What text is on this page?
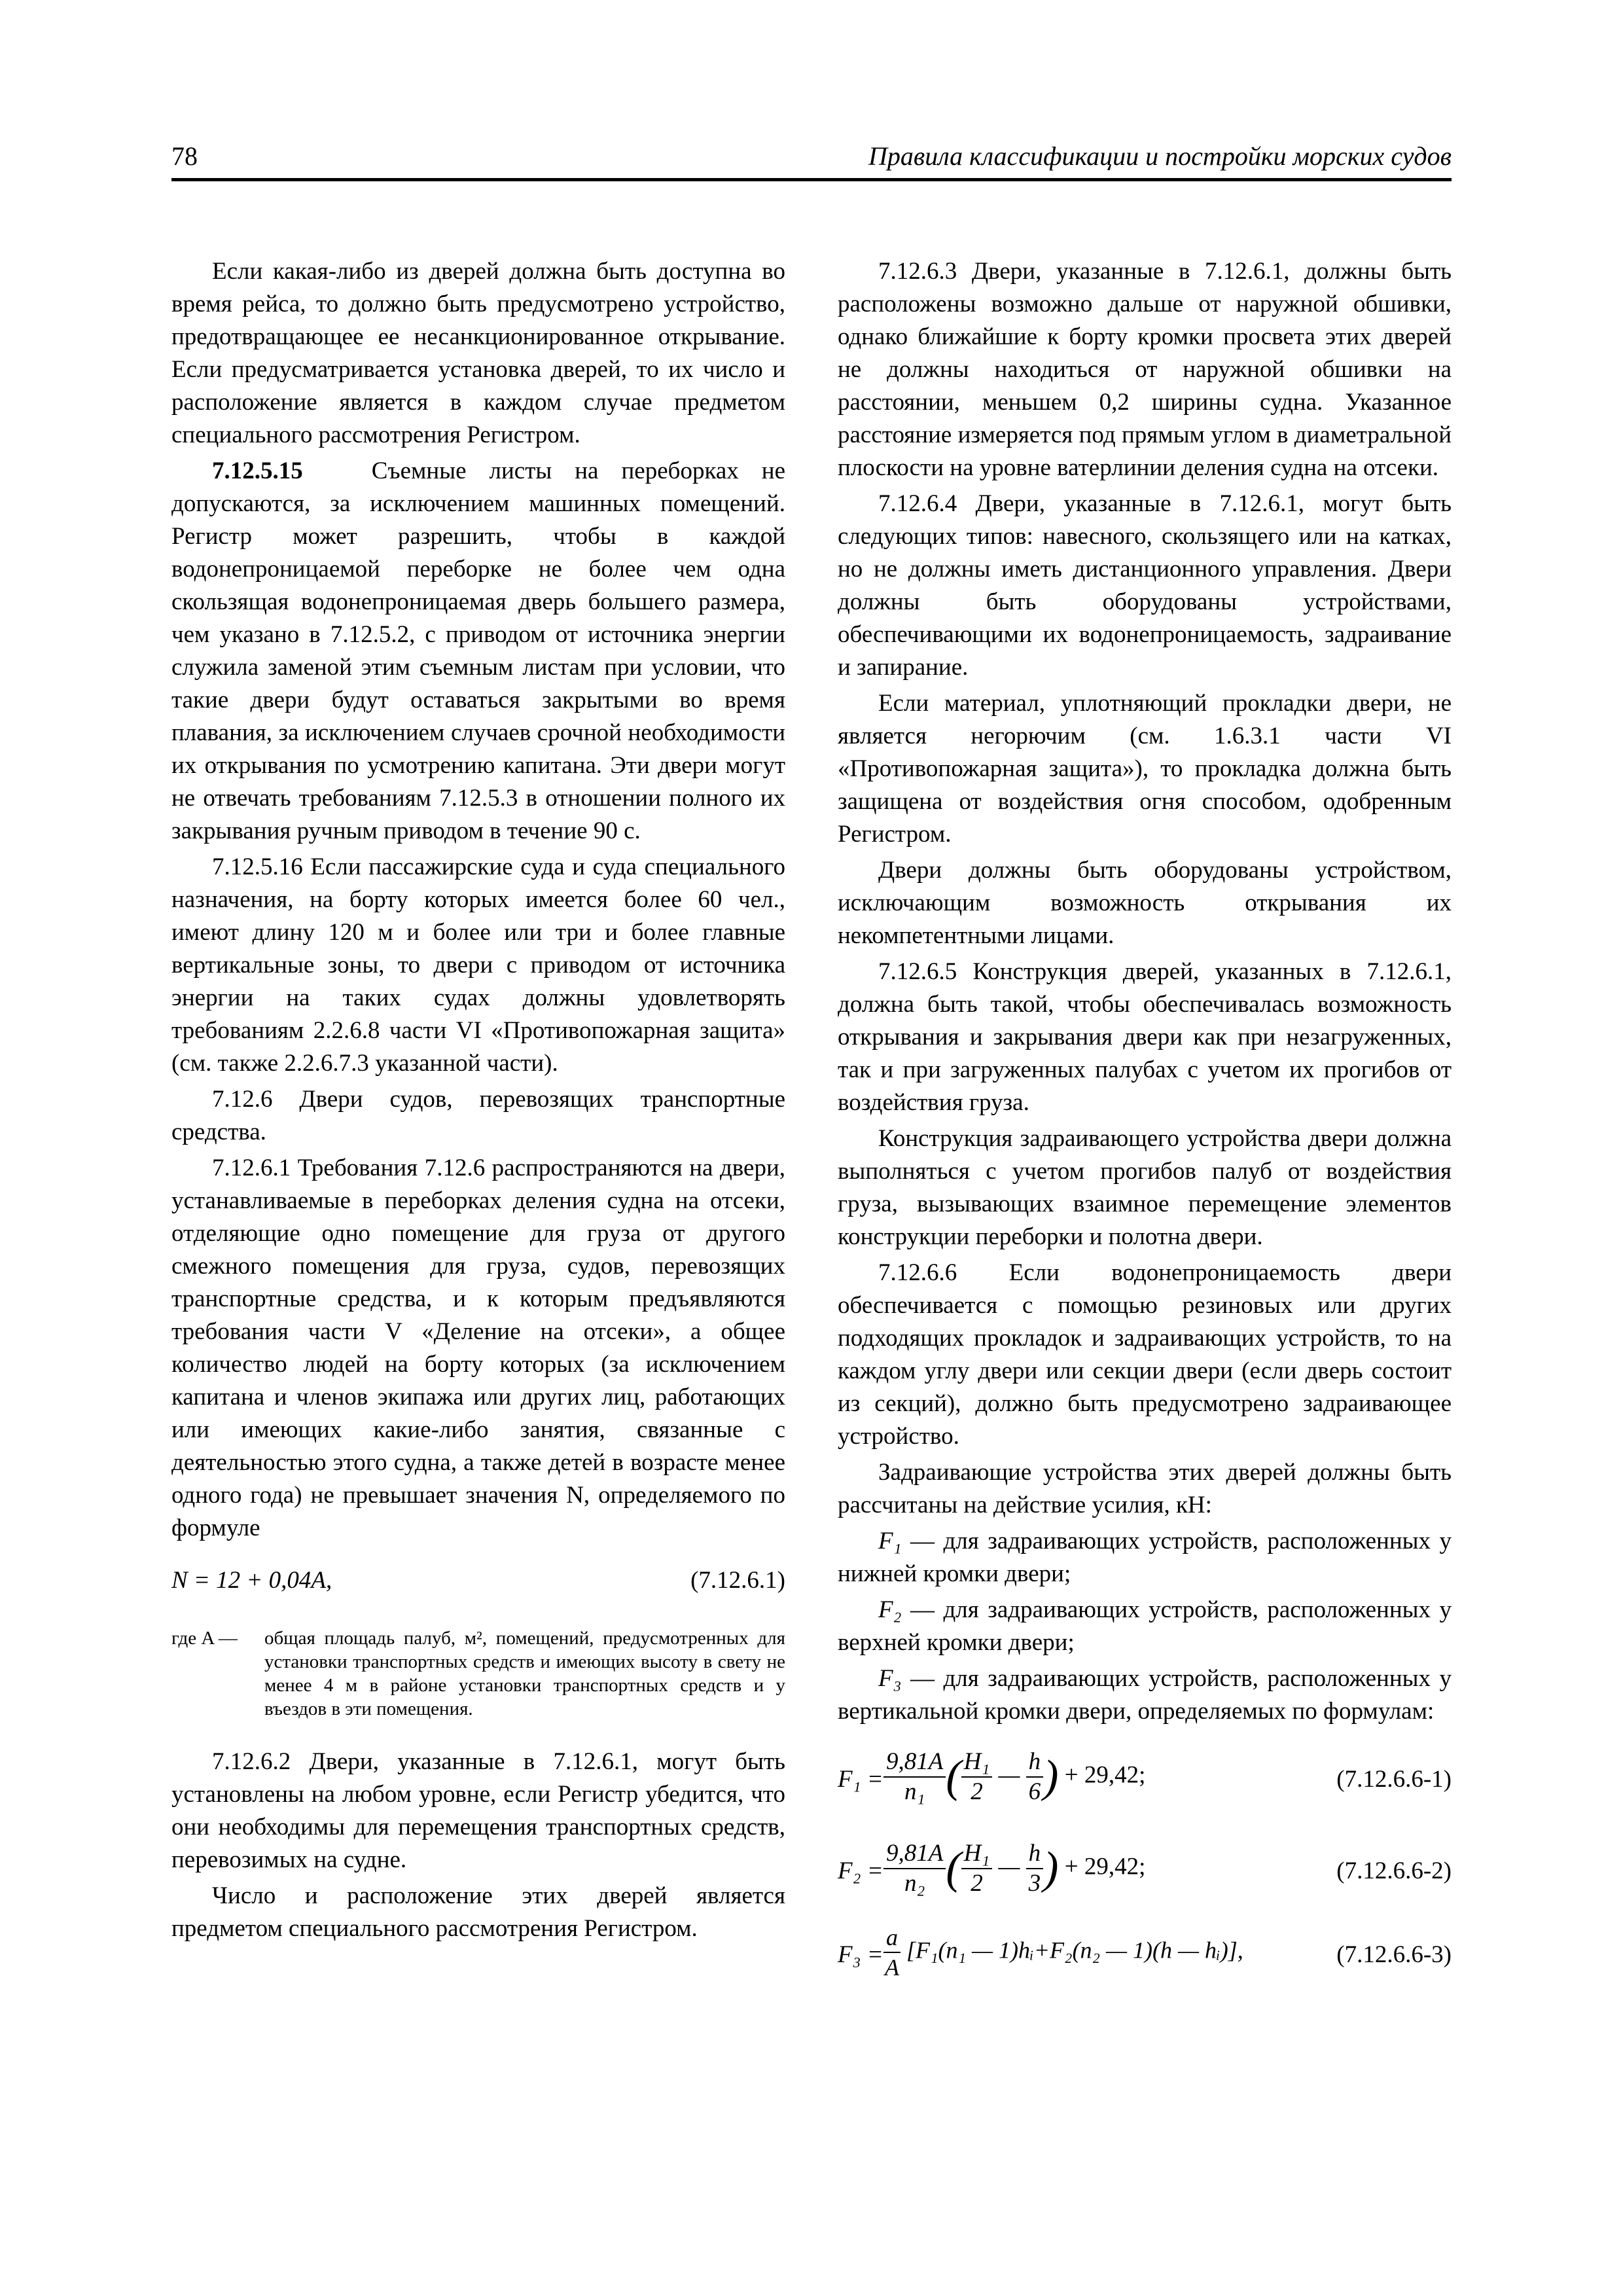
78	Правила классификации и постройки морских судов

Если какая-либо из дверей должна быть доступна во время рейса, то должно быть предусмотрено устройство, предотвращающее ее несанкционированное открывание. Если предусматривается установка дверей, то их число и расположение является в каждом случае предметом специального рассмотрения Регистром.

7.12.5.15	Съемные листы на переборках не допускаются, за исключением машинных помещений. Регистр может разрешить, чтобы в каждой водонепроницаемой переборке не более чем одна скользящая водонепроницаемая дверь большего размера, чем указано в 7.12.5.2, с приводом от источника энергии служила заменой этим съемным листам при условии, что такие двери будут оставаться закрытыми во время плавания, за исключением случаев срочной необходимости их открывания по усмотрению капитана. Эти двери могут не отвечать требованиям 7.12.5.3 в отношении полного их закрывания ручным приводом в течение 90 с.

7.12.5.16 Если пассажирские суда и суда специального назначения, на борту которых имеется более 60 чел., имеют длину 120 м и более или три и более главные вертикальные зоны, то двери с приводом от источника энергии на таких судах должны удовлетворять требованиям 2.2.6.8 части VI «Противопожарная защита» (см. также 2.2.6.7.3 указанной части).

7.12.6 Двери судов, перевозящих транспортные средства.

7.12.6.1 Требования 7.12.6 распространяются на двери, устанавливаемые в переборках деления судна на отсеки, отделяющие одно помещение для груза от другого смежного помещения для груза, судов, перевозящих транспортные средства, и к которым предъявляются требования части V «Деление на отсеки», а общее количество людей на борту которых (за исключением капитана и членов экипажа или других лиц, работающих или имеющих какие-либо занятия, связанные с деятельностью этого судна, а также детей в возрасте менее одного года) не превышает значения N, определяемого по формуле

N = 12 + 0,04A,	(7.12.6.1)
где A — общая площадь палуб, м², помещений, предусмотренных для установки транспортных средств и имеющих высоту в свету не менее 4 м в районе установки транспортных средств и у въездов в эти помещения.

7.12.6.2 Двери, указанные в 7.12.6.1, могут быть установлены на любом уровне, если Регистр убедится, что они необходимы для перемещения транспортных средств, перевозимых на судне.

Число и расположение этих дверей является предметом специального рассмотрения Регистром.

7.12.6.3 Двери, указанные в 7.12.6.1, должны быть расположены возможно дальше от наружной обшивки, однако ближайшие к борту кромки просвета этих дверей не должны находиться от наружной обшивки на расстоянии, меньшем 0,2 ширины судна. Указанное расстояние измеряется под прямым углом в диаметральной плоскости на уровне ватерлинии деления судна на отсеки.

7.12.6.4 Двери, указанные в 7.12.6.1, могут быть следующих типов: навесного, скользящего или на катках, но не должны иметь дистанционного управления. Двери должны быть оборудованы устройствами, обеспечивающими их водонепроницаемость, задраивание и запирание.

Если материал, уплотняющий прокладки двери, не является негорючим (см. 1.6.3.1 части VI «Противопожарная защита»), то прокладка должна быть защищена от воздействия огня способом, одобренным Регистром.

Двери должны быть оборудованы устройством, исключающим возможность открывания их некомпетентными лицами.

7.12.6.5 Конструкция дверей, указанных в 7.12.6.1, должна быть такой, чтобы обеспечивалась возможность открывания и закрывания двери как при незагруженных, так и при загруженных палубах с учетом их прогибов от воздействия груза.

Конструкция задраивающего устройства двери должна выполняться с учетом прогибов палуб от воздействия груза, вызывающих взаимное перемещение элементов конструкции переборки и полотна двери.

7.12.6.6 Если водонепроницаемость двери обеспечивается с помощью резиновых или других подходящих прокладок и задраивающих устройств, то на каждом углу двери или секции двери (если дверь состоит из секций), должно быть предусмотрено задраивающее устройство.

Задраивающие устройства этих дверей должны быть рассчитаны на действие усилия, кН:

F₁ — для задраивающих устройств, расположенных у нижней кромки двери;

F₂ — для задраивающих устройств, расположенных у верхней кромки двери;

F₃ — для задраивающих устройств, расположенных у вертикальной кромки двери, определяемых по формулам:

$F_1 = \frac{9,81A}{\text{n₁}}$ ( $\frac{\text{H₁}}{2}$ — $\frac{h}{6}$ ) + 29,42;	(7.12.6.6-1)
$F_2 = \frac{9,81A}{\text{n₂}}$ ( $\frac{\text{H₁}}{2}$ — $\frac{h}{3}$ ) + 29,42;	(7.12.6.6-2)
$F_3 = \frac{a}{A} [F_1(n_1$ — 1)hᵢ+F₂(n₂ — 1)(h — hᵢ)],	(7.12.6.6-3)
